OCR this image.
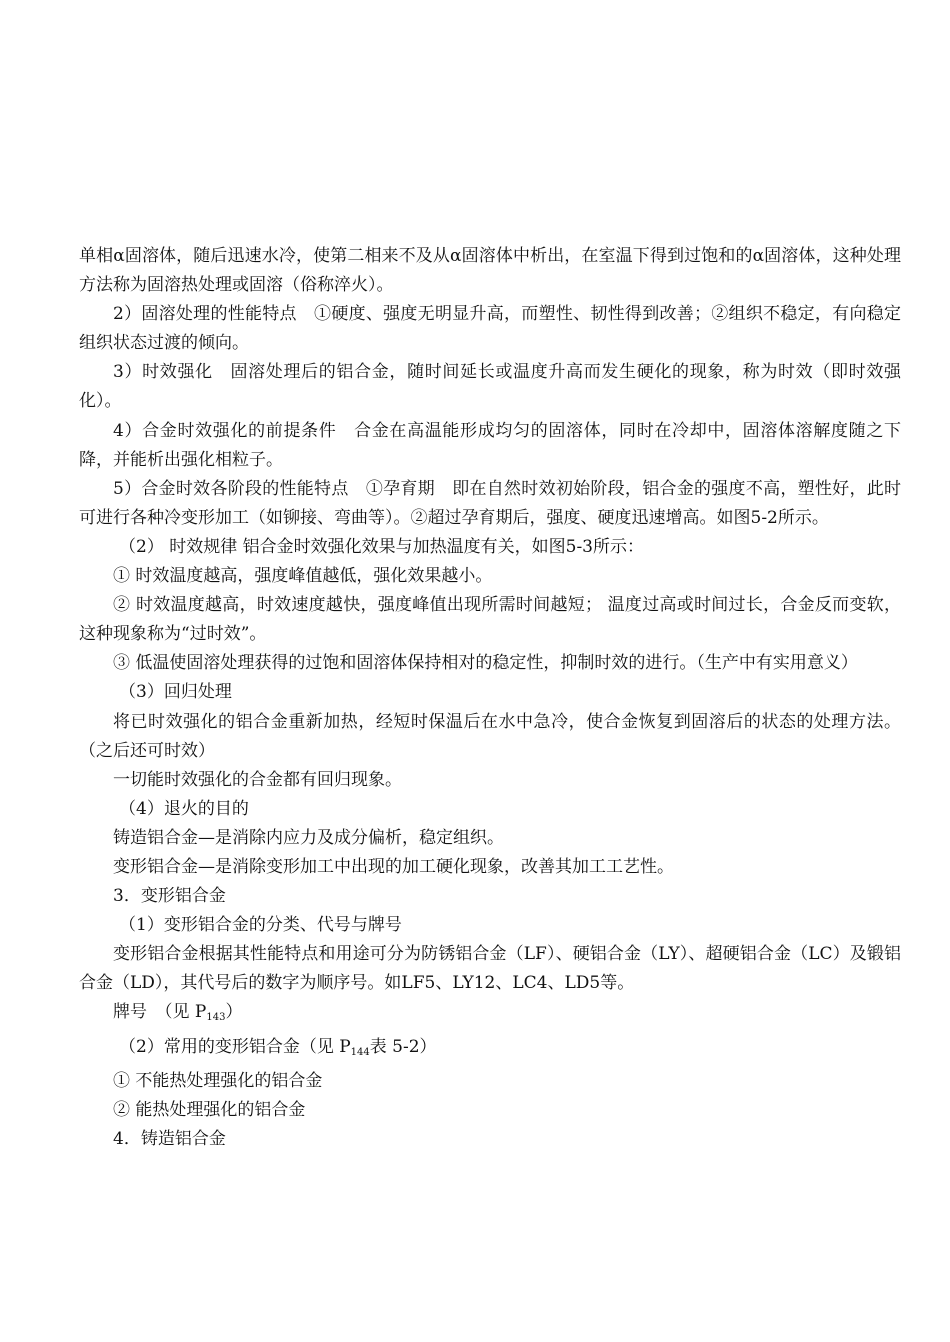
单相α固溶体，随后迅速水冷，使第二相来不及从α固溶体中析出，在室温下得到过饱和的α固溶体，这种处理方法称为固溶热处理或固溶（俗称淬火）。

2）固溶处理的性能特点　①硬度、强度无明显升高，而塑性、韧性得到改善；②组织不稳定，有向稳定组织状态过渡的倾向。

3）时效强化　固溶处理后的铝合金，随时间延长或温度升高而发生硬化的现象，称为时效（即时效强化）。

4）合金时效强化的前提条件　合金在高温能形成均匀的固溶体，同时在冷却中，固溶体溶解度随之下降，并能析出强化相粒子。

5）合金时效各阶段的性能特点　①孕育期　即在自然时效初始阶段，铝合金的强度不高，塑性好，此时可进行各种冷变形加工（如铆接、弯曲等）。②超过孕育期后，强度、硬度迅速增高。如图5-2所示。

（2） 时效规律 铝合金时效强化效果与加热温度有关，如图5-3所示：

① 时效温度越高，强度峰值越低，强化效果越小。

② 时效温度越高，时效速度越快，强度峰值出现所需时间越短； 温度过高或时间过长，合金反而变软，这种现象称为“过时效”。

③ 低温使固溶处理获得的过饱和固溶体保持相对的稳定性，抑制时效的进行。（生产中有实用意义）

（3）回归处理

将已时效强化的铝合金重新加热，经短时保温后在水中急冷，使合金恢复到固溶后的状态的处理方法。（之后还可时效）

一切能时效强化的合金都有回归现象。

（4）退火的目的

铸造铝合金—是消除内应力及成分偏析，稳定组织。

变形铝合金—是消除变形加工中出现的加工硬化现象，改善其加工工艺性。

3．变形铝合金

（1）变形铝合金的分类、代号与牌号

变形铝合金根据其性能特点和用途可分为防锈铝合金（LF）、硬铝合金（LY）、超硬铝合金（LC）及锻铝合金（LD），其代号后的数字为顺序号。如LF5、LY12、LC4、LD5等。

牌号　（见 $P_{143}$）

（2）常用的变形铝合金（见 $P_{144}$表 5-2）

① 不能热处理强化的铝合金

② 能热处理强化的铝合金

4．铸造铝合金
